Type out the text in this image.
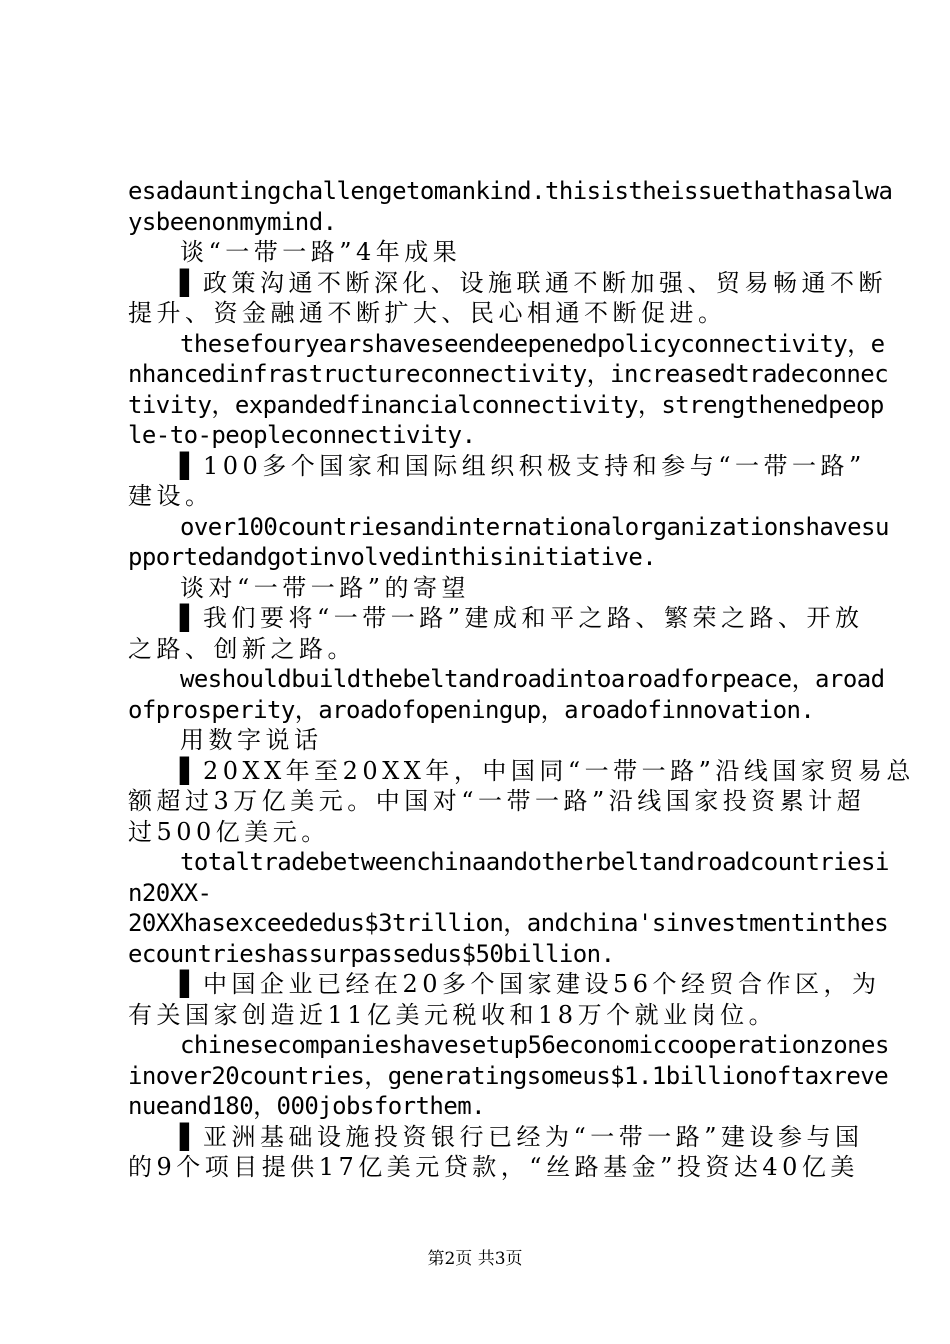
esadauntingchallengetomankind.thisistheissuethathasalwa
ysbeenonmymind.
谈“一带一路”4年成果
▌政策沟通不断深化、设施联通不断加强、贸易畅通不断
提升、资金融通不断扩大、民心相通不断促进。
thesefouryearshaveseendeepenedpolicyconnectivity，e
nhancedinfrastructureconnectivity，increasedtradeconnec
tivity，expandedfinancialconnectivity，strengthenedpeop
le-to-peopleconnectivity.
▌100多个国家和国际组织积极支持和参与“一带一路”
建设。
over100countriesandinternationalorganizationshavesu
pportedandgotinvolvedinthisinitiative.
谈对“一带一路”的寄望
▌我们要将“一带一路”建成和平之路、繁荣之路、开放
之路、创新之路。
weshouldbuildthebeltandroadintoaroadforpeace，aroad
ofprosperity，aroadofopeningup，aroadofinnovation.
用数字说话
▌20XX年至20XX年，中国同“一带一路”沿线国家贸易总
额超过3万亿美元。中国对“一带一路”沿线国家投资累计超
过500亿美元。
totaltradebetweenchinaandotherbeltandroadcountriesi
n20XX-
20XXhasexceededus$3trillion，andchina'sinvestmentinthes
ecountrieshassurpassedus$50billion.
▌中国企业已经在20多个国家建设56个经贸合作区，为
有关国家创造近11亿美元税收和18万个就业岗位。
chinesecompanieshavesetup56economiccooperationzones
inover20countries，generatingsomeus$1.1billionoftaxreve
nueand180，000jobsforthem.
▌亚洲基础设施投资银行已经为“一带一路”建设参与国
的9个项目提供17亿美元贷款，“丝路基金”投资达40亿美
第2页 共3页
